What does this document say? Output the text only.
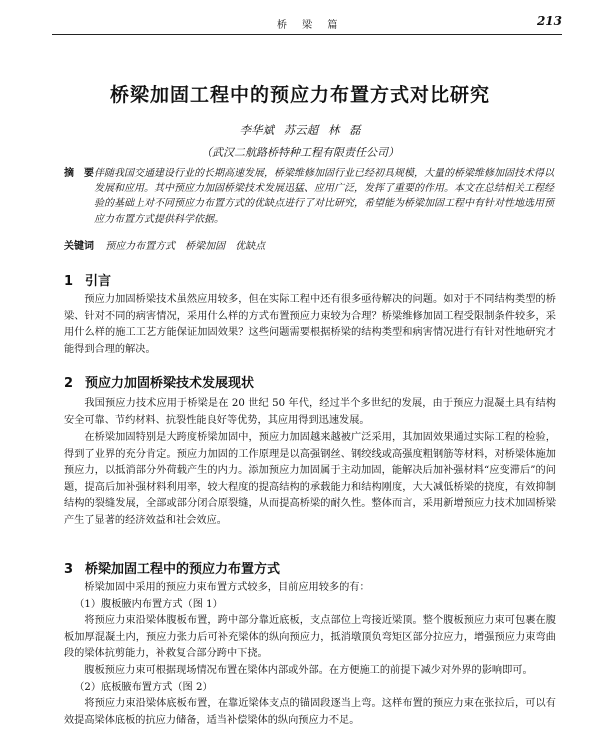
桥 梁 篇	213
桥梁加固工程中的预应力布置方式对比研究
李华斌 苏云超 林 磊
（武汉二航路桥特种工程有限责任公司）
摘　要 伴随我国交通建设行业的长期高速发展，桥梁维修加固行业已经初具规模，大量的桥梁维修加固技术得以发展和应用。其中预应力加固桥梁技术发展迅猛、应用广泛，发挥了重要的作用。本文在总结相关工程经验的基础上对不同预应力布置方式的优缺点进行了对比研究，希望能为桥梁加固工程中有针对性地选用预应力布置方式提供科学依据。
关键词 预应力布置方式　桥梁加固　优缺点
1 引言
预应力加固桥梁技术虽然应用较多，但在实际工程中还有很多亟待解决的问题。如对于不同结构类型的桥梁、针对不同的病害情况，采用什么样的方式布置预应力束较为合理？桥梁维修加固工程受限制条件较多，采用什么样的施工工艺方能保证加固效果？这些问题需要根据桥梁的结构类型和病害情况进行有针对性地研究才能得到合理的解决。
2 预应力加固桥梁技术发展现状
我国预应力技术应用于桥梁是在 20 世纪 50 年代，经过半个多世纪的发展，由于预应力混凝土具有结构安全可靠、节约材料、抗裂性能良好等优势，其应用得到迅速发展。
在桥梁加固特别是大跨度桥梁加固中，预应力加固越来越被广泛采用，其加固效果通过实际工程的检验，得到了业界的充分肯定。预应力加固的工作原理是以高强钢丝、钢绞线或高强度粗钢筋等材料，对桥梁体施加预应力，以抵消部分外荷载产生的内力。添加预应力加固属于主动加固，能解决后加补强材料“应变滞后”的问题，提高后加补强材料利用率，较大程度的提高结构的承载能力和结构刚度，大大减低桥梁的挠度，有效抑制结构的裂缝发展，全部或部分闭合原裂缝，从而提高桥梁的耐久性。整体而言，采用新增预应力技术加固桥梁产生了显著的经济效益和社会效应。
3 桥梁加固工程中的预应力布置方式
桥梁加固中采用的预应力束布置方式较多，目前应用较多的有：
（1）腹板腋内布置方式（图 1）
将预应力束沿梁体腹板布置，跨中部分靠近底板，支点部位上弯接近梁顶。整个腹板预应力束可包裹在腹板加厚混凝土内，预应力张力后可补充梁体的纵向预应力，抵消墩顶负弯矩区部分拉应力，增强预应力束弯曲段的梁体抗剪能力，补救复合部分跨中下挠。
腹板预应力束可根据现场情况布置在梁体内部或外部。在方便施工的前提下减少对外界的影响即可。
（2）底板腋布置方式（图 2）
将预应力束沿梁体底板布置，在靠近梁体支点的锚固段逐当上弯。这样布置的预应力束在张拉后，可以有效提高梁体底板的抗应力储备，适当补偿梁体的纵向预应力不足。
